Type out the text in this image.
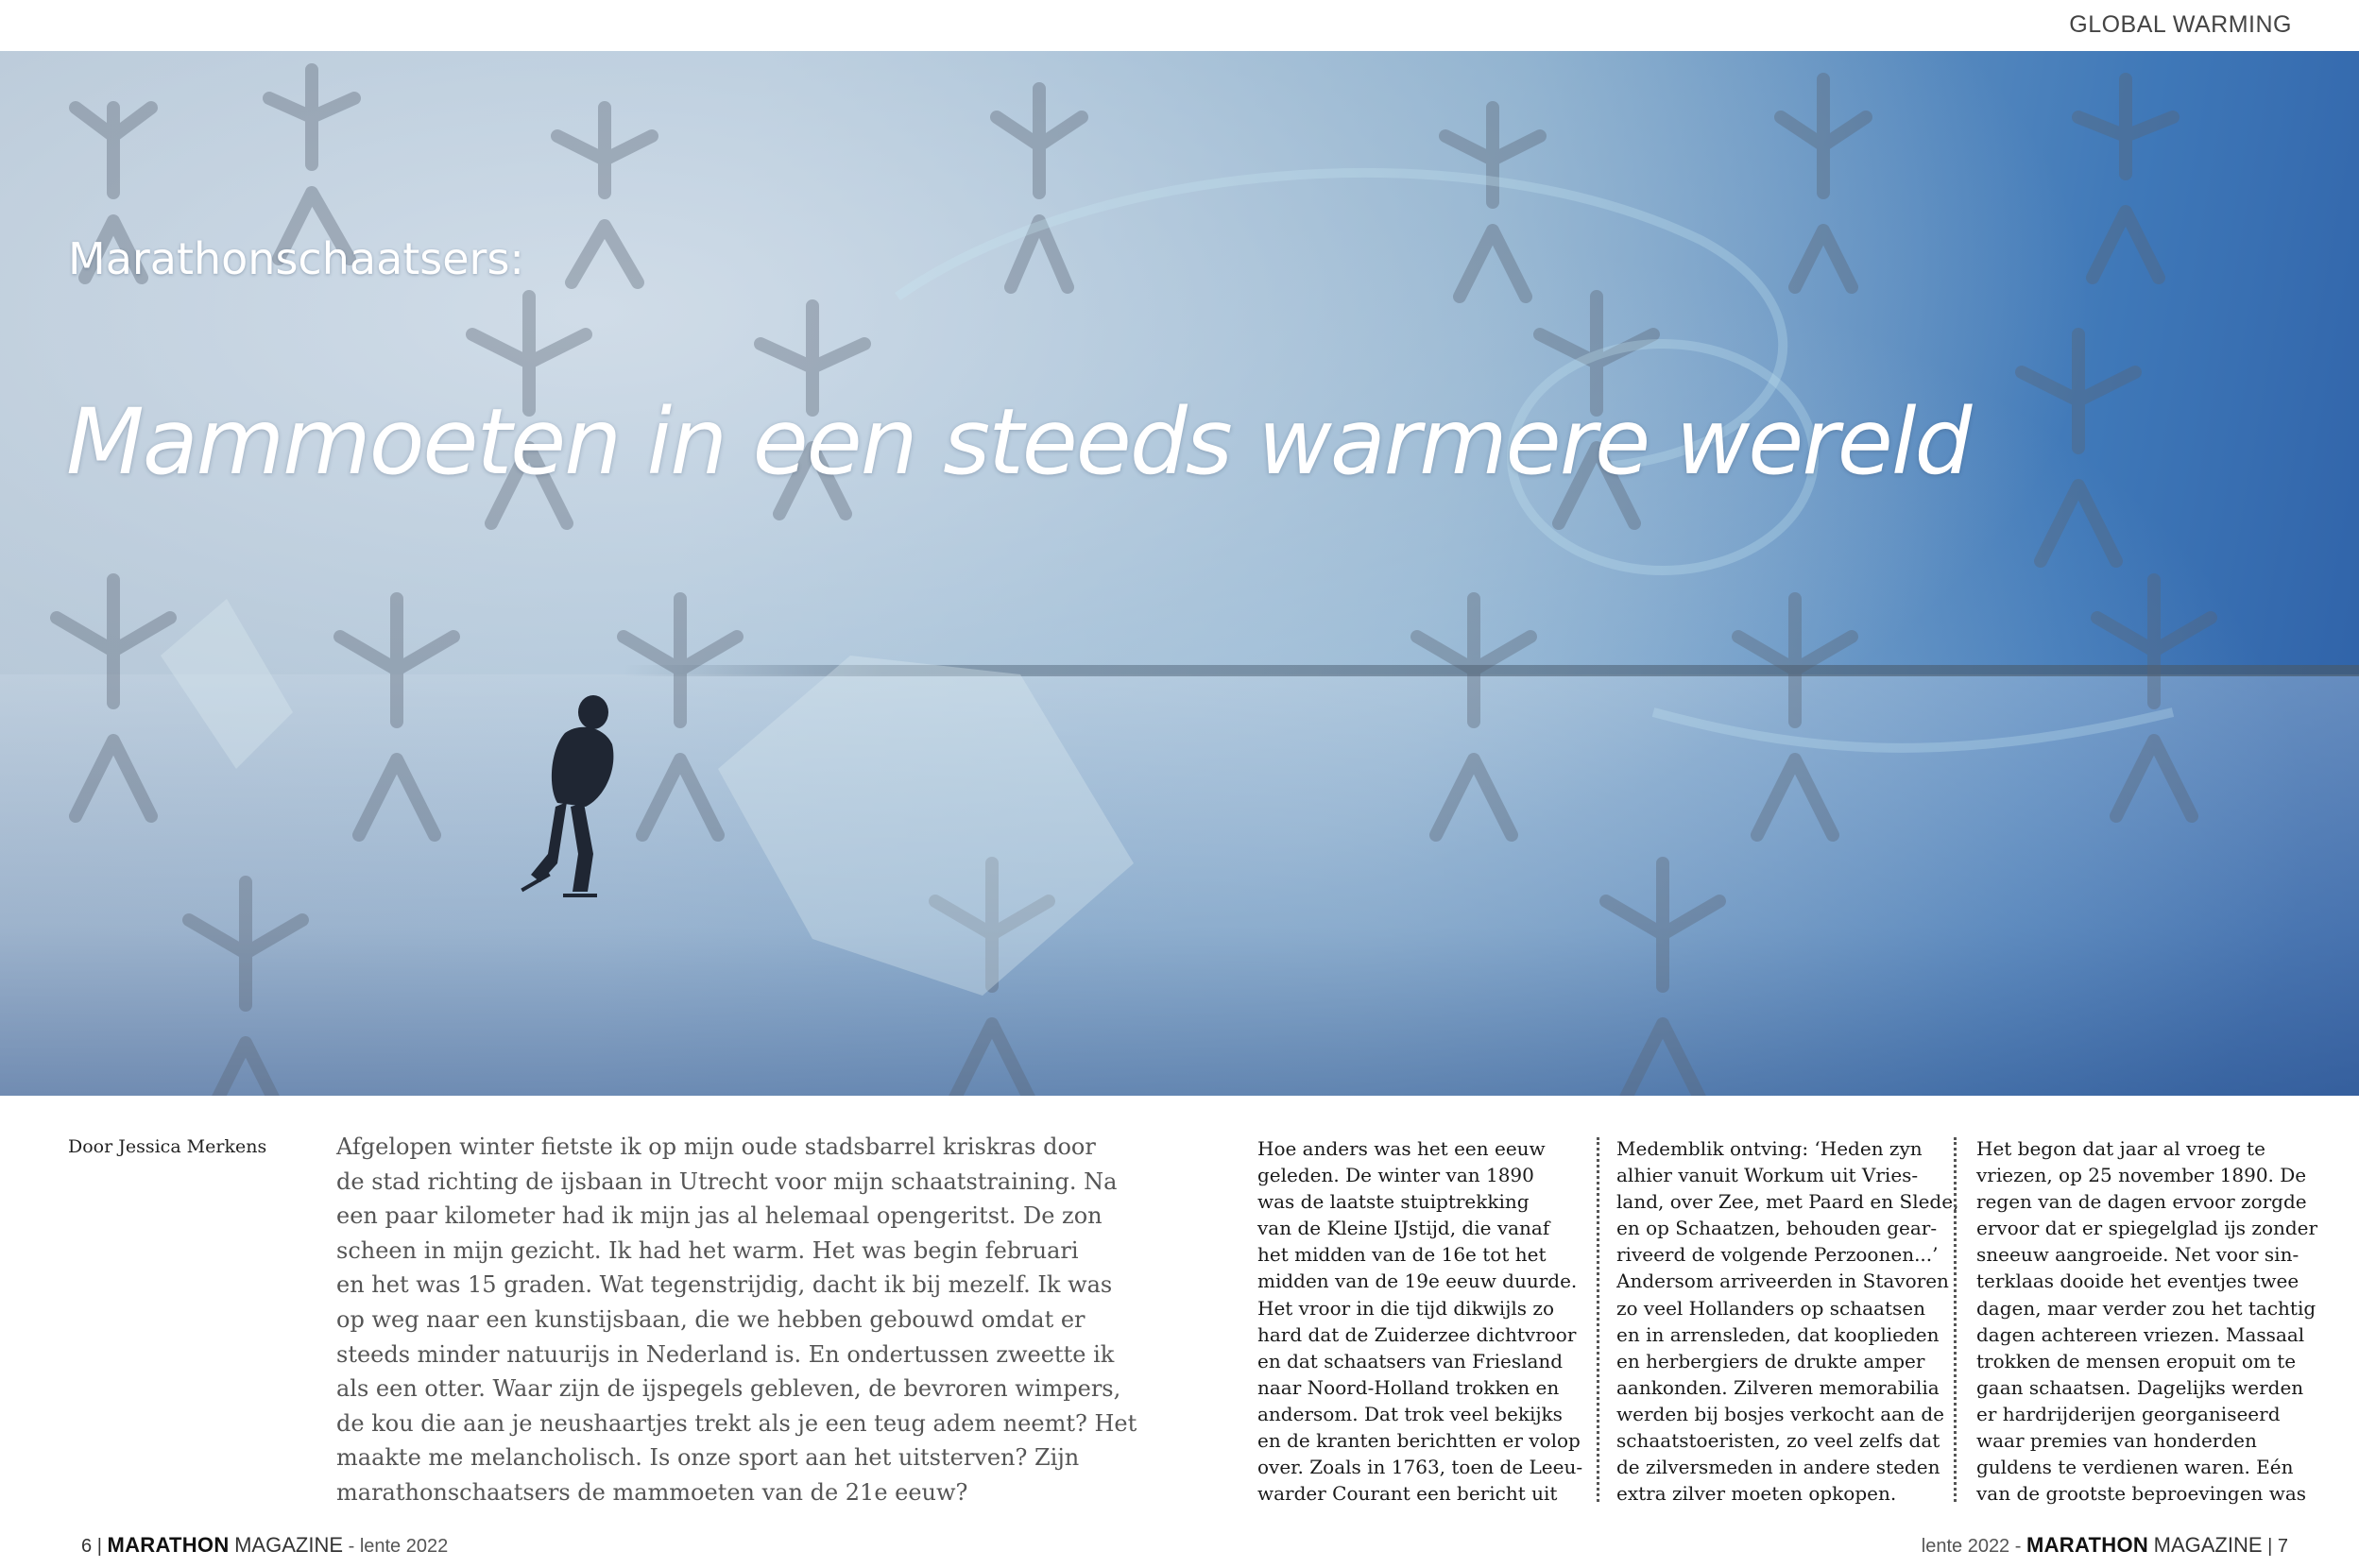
GLOBAL WARMING
Marathonschaatsers:
Mammoeten in een steeds warmere wereld
Door Jessica Merkens	Afgelopen winter fietste ik op mijn oude stadsbarrel kriskras door
de stad richting de ijsbaan in Utrecht voor mijn schaatstraining. Na
een paar kilometer had ik mijn jas al helemaal opengeritst. De zon
scheen in mijn gezicht. Ik had het warm. Het was begin februari
en het was 15 graden. Wat tegenstrijdig, dacht ik bij mezelf. Ik was
op weg naar een kunstijsbaan, die we hebben gebouwd omdat er
steeds minder natuurijs in Nederland is. En ondertussen zweette ik
als een otter. Waar zijn de ijspegels gebleven, de bevroren wimpers,
de kou die aan je neushaartjes trekt als je een teug adem neemt? Het
maakte me melancholisch. Is onze sport aan het uitsterven? Zijn
marathonschaatsers de mammoeten van de 21e eeuw?
Hoe anders was het een eeuw
geleden. De winter van 1890
was de laatste stuiptrekking
van de Kleine IJstijd, die vanaf
het midden van de 16e tot het
midden van de 19e eeuw duurde.
Het vroor in die tijd dikwijls zo
hard dat de Zuiderzee dichtvroor
en dat schaatsers van Friesland
naar Noord-Holland trokken en
andersom. Dat trok veel bekijks
en de kranten berichtten er volop
over. Zoals in 1763, toen de Leeu-
warder Courant een bericht uit
Medemblik ontving: ‘Heden zyn
alhier vanuit Workum uit Vries-
land, over Zee, met Paard en Slede,
en op Schaatzen, behouden gear-
riveerd de volgende Perzoonen...’
Andersom arriveerden in Stavoren
zo veel Hollanders op schaatsen
en in arrensleden, dat kooplieden
en herbergiers de drukte amper
aankonden. Zilveren memorabilia
werden bij bosjes verkocht aan de
schaatstoeristen, zo veel zelfs dat
de zilversmeden in andere steden
extra zilver moeten opkopen.
Het begon dat jaar al vroeg te
vriezen, op 25 november 1890. De
regen van de dagen ervoor zorgde
ervoor dat er spiegelglad ijs zonder
sneeuw aangroeide. Net voor sin-
terklaas dooide het eventjes twee
dagen, maar verder zou het tachtig
dagen achtereen vriezen. Massaal
trokken de mensen eropuit om te
gaan schaatsen. Dagelijks werden
er hardrijderijen georganiseerd
waar premies van honderden
guldens te verdienen waren. Eén
van de grootste beproevingen was
6 | MARATHON MAGAZINE - lente 2022	lente 2022 - MARATHON MAGAZINE | 7
